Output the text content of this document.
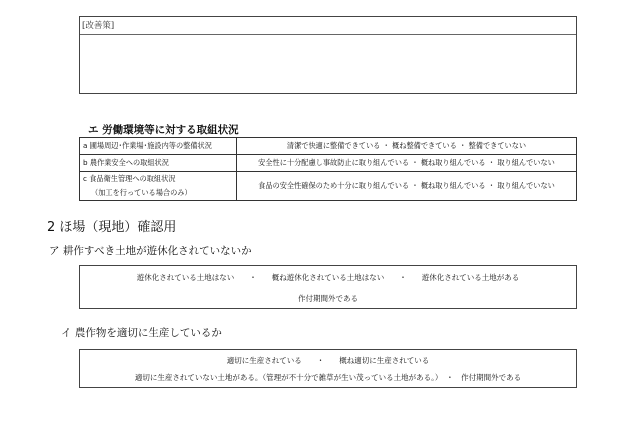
[改善策]
エ 労働環境等に対する取組状況
a 圃場周辺･作業場･施設内等の整備状況	清潔で快適に整備できている ・ 概ね整備できている ・ 整備できていない
b 農作業安全への取組状況	安全性に十分配慮し事故防止に取り組んでいる ・ 概ね取り組んでいる ・ 取り組んでいない
c 食品衛生管理への取組状況
（加工を行っている場合のみ）	食品の安全性確保のため十分に取り組んでいる ・ 概ね取り組んでいる ・ 取り組んでいない
2 ほ場（現地）確認用
ア 耕作すべき土地が遊休化されていないか
遊休化されている土地はない　　・　　概ね遊休化されている土地はない　　・　　遊休化されている土地がある
作付期間外である
イ 農作物を適切に生産しているか
適切に生産されている　　・　　概ね適切に生産されている
適切に生産されていない土地がある。（管理が不十分で雑草が生い茂っている土地がある。）　・　作付期間外である
